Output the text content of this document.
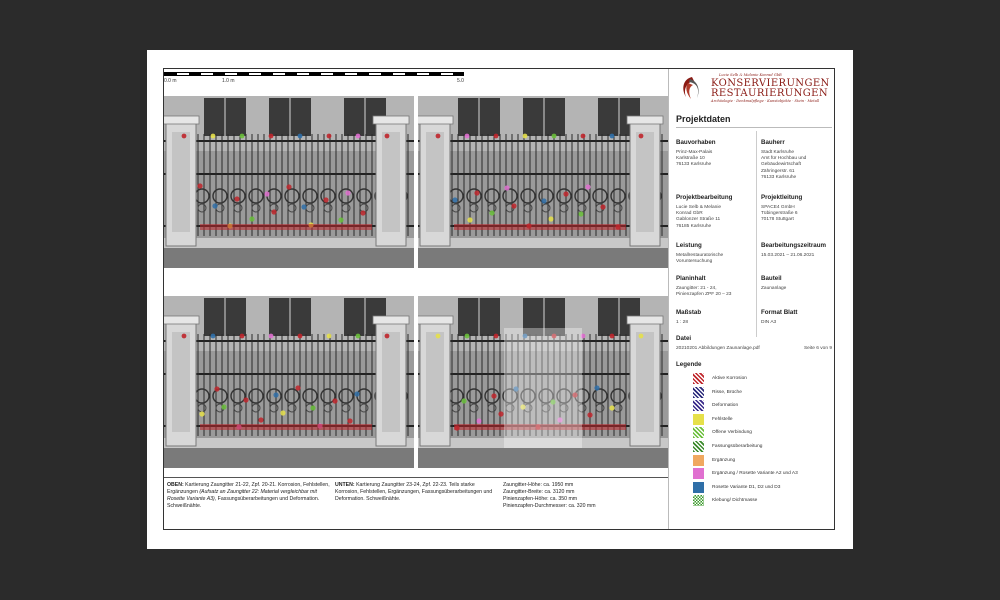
0.0 m	1.0 m	5.0
OBEN: Kartierung Zaungitter 21-22, Zpf. 20-21. Korrosion, Fehlstellen, Ergänzungen (Aufsatz an Zaungitter 22: Material vergleichbar mit Rosette Variante A3), Fassungsüberarbeitungen und Deformation. Schweißnähte.
UNTEN: Kartierung Zaungitter 23-24, Zpf. 22-23. Teils starke Korrosion, Fehlstellen, Ergänzungen, Fassungsüberarbeitungen und Deformation. Schweißnähte.
Zaungitter-Höhe: ca. 1950 mm
Zaungitter-Breite: ca. 3120 mm
Pinienzapfen-Höhe: ca. 350 mm
Pinienzapfen-Durchmesser: ca. 320 mm
Lucie Selb & Melanie Konrad GbR
KONSERVIERUNGEN
RESTAURIERUNGEN
Archäologie · Denkmalpflege · Kunstobjekte · Stein · Metall
Projektdaten
Bauvorhaben
Prinz-Max-Palais
Karlstraße 10
76133 Karlsruhe
Bauherr
Stadt Karlsruhe
Amt für Hochbau und
Gebäudewirtschaft
Zähringerstr. 61
76133 Karlsruhe
Projektbearbeitung
Lucie Selb & Melanie
Konrad GbR
Gablonzer Straße 11
76185 Karlsruhe
Projektleitung
SPACE4 GmbH
Tübingerstraße 6
70178 Stuttgart
Leistung
Metallrestauratorische
Voruntersuchung
Bearbeitungszeitraum
15.03.2021 – 21.06.2021
Planinhalt
Zaungitter: 21 - 24,
Pinienzapfen ZPF 20 – 23
Bauteil
Zaunanlage
Maßstab
1 : 28
Format Blatt
DIN A3
Datei
20210201 Abbildungen Zaunanlage.pdf	Seite 6 von 9
Legende
Aktive Korrosion
Risse, Brüche
Deformation
Fehlstelle
Offene Verbindung
Fassungsüberarbeitung
Ergänzung
Ergänzung / Rosette Variante A2 und A3
Rosette Variante D1, D2 und D3
Klebung/ Dichtmasse
